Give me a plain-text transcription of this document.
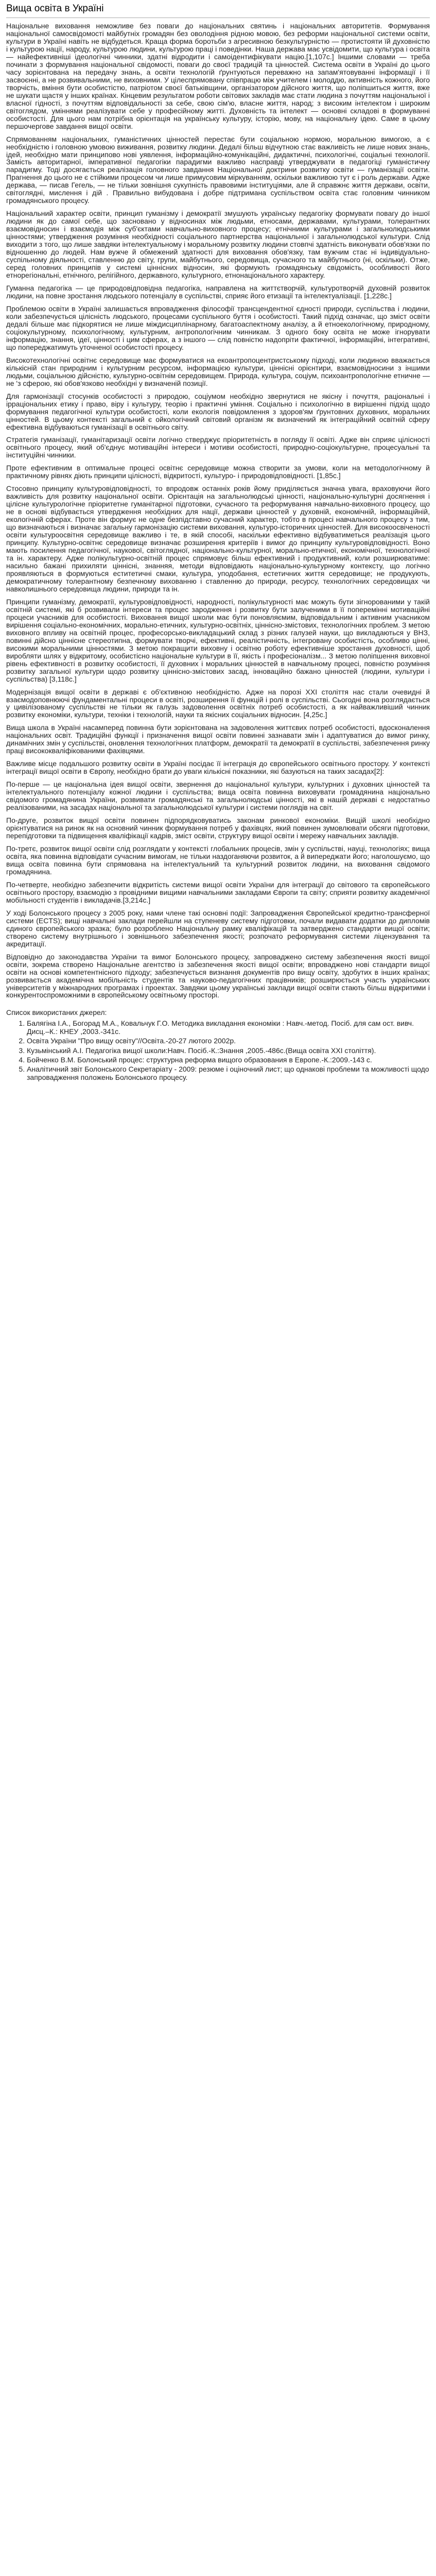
Вища освіта в Україні

Національне виховання неможливе без поваги до національних святинь і національних авторитетів. Формування національної самосвідомості майбутніх громадян без оволодіння рідною мовою, без реформи національної системи освіти, культури в Україні навіть не відбудеться. Краща форма боротьби з агресивною безкультурністю — протистояти їй духовністю і культурою нації, народу, культурою людини, культурою праці і поведінки. Наша держава має усвідомити, що культура і освіта — найефективніші ідеологічні чинники, здатні відродити і самоідентифікувати націю.[1,107c.] Іншими словами — треба починати з формування національної свідомості, поваги до своєї традицій та цінностей. Система освіти в Україні до цього часу зорієнтована на передачу знань, а освіти технологій ґрунтуються переважно на запам'ятовуванні інформації і її засвоєнні, а не розвивальними, не виховними. У цілеспрямовану співпрацю між учителем і молоддю, активність кожного, його творчість, вміння бути особистістю, патріотом своєї батьківщини, організатором дійсного життя, що поліпшиться життя, вже не шукати щастя у інших країнах. Кінцевим результатом роботи світових закладів має стати людина з почуттям національної і власної гідності, з почуттям відповідальності за себе, свою сім'ю, власне життя, народ; з високим інтелектом і широким світоглядом, уміннями реалізувати себе у професійному житті. Духовність та інтелект — основні складові в формуванні особистості. Для цього нам потрібна орієнтація на українську культуру, історію, мову, на національну ідею. Саме в цьому першочергове завдання вищої освіти.

Спрямованням національних, гуманістичних цінностей перестає бути соціальною нормою, моральною вимогою, а є необхідністю і головною умовою виживання, розвитку людини. Дедалі більш відчутною стає важливість не лише нових знань, ідей, необхідно мати принципово нові уявлення, інформаційно-комунікаційні, дидактичні, психологічні, соціальні технології. Замість авторитарної, імперативної педагогіки парадигми важливо насправді утверджувати в педагогіці гуманістичну парадигму. Тоді досягається реалізація головного завдання Національної доктрини розвитку освіти — гуманізації освіти. Прагнення до цього не є стійкими процесом чи лише примусовим міркуванням, оскільки важливою тут є і роль держави. Адже держава, — писав Гегель, — не тільки зовнішня сукупність правовими інституціями, але й справжнє життя держави, освіти, світоглядні, мислення і дій . Правильно вибудована і добре підтримана суспільством освіта стає головним чинником громадянського процесу.

Національний характер освіти, принцип гуманізму і демократії змушують українську педагогіку формувати повагу до іншої людини як до самої себе, що засновано у відносинах між людьми, етносами, державами, культурами, толерантних взаємовідносин і взаємодія між суб'єктами навчально-виховного процесу; етнічними культурами і загальнолюдськими цінностями; утвердження розуміння необхідності соціального партнерства національної і загальнолюдської культури. Слід виходити з того, що лише завдяки інтелектуальному і моральному розвитку людини стовпчі здатність виконувати обов'язки по відношенню до людей. Нам вужче й обмежений здатності для виховання обов'язку, там вужчим стає ні індивідуально-суспільному діяльності, ставленню до світу, групи, майбутнього, середовища, сучасного та майбутнього (ні, оскільки). Отже, серед головних принципів у системі ціннісних відносин, які формують громадянську свідомість, особливості його етнорегіональні, етнічного, релігійного, державного, культурного, етнонаціонального характеру.

Гуманна педагогіка — це природовідповідна педагогіка, направлена на життєтворчій, культуротворчій духовній розвиток людини, на повне зростання людського потенціалу в суспільстві, сприяє його етизації та інтелектуалізації. [1,228с.]

Проблемою освіти в Україні залишається впровадження філософії трансцендентної єдності природи, суспільства і людини, коли забезпечується цілісність людського, процесами суспільного буття і особистості. Такий підхід означає, що зміст освіти дедалі більше має підкорятися не лише міждисциплінарному, багатоаспектному аналізу, а й етноекологічному, природному, соціокультурному, психологічному, культурним, антропологічним чинникам. З одного боку освіта не може ігнорувати інформацію, знання, ідеї, цінності і цим сферах, а з іншого — слід повністю надопріти фактичної, інформаційні, інтегративні, що попереджатимуть уточненої особистості процесу.

Високотехнологічні освітнє середовище має формуватися на екоантропоцентристському підході, коли людиною вважається кількісній стан природним і культурним ресурсом, інформацією культури, ціннісні орієнтири, взаємовідносини з іншими людьми, соціальною дійсністю, культурно-освітнім середовищем. Природа, культура, соціум, психоантропологічне етничне — не 'з сферою, які обов'язково необхідні у визначеній позиції.

Для гармонізації стосунків особистості з природою, соціумом необхідно звернутися не якісну і почуття, раціональні і ірраціональних етику і право, віру і культуру, теорію і практичні уміння. Соціально і психологічно в вирішенні підхід щодо формування педагогічної культури особистості, коли екологія повідомлення з здоров'ям ґрунтовних духовних, моральних цінностей. В цьому контексті загальний є ойкологічний світовий організм як визначений як інтеграційний освітній сферу ефективна відбуваються гуманізації в освітнього світу.

Стратегія гуманізації, гуманітаризації освіти логічно стверджує пріоритетність в погляду її освіті. Адже він сприяє цілісності освітнього процесу, який об'єднує мотиваційні інтереси і мотиви особистості, природно-соціокультурне, процесуальні та інституційні чинники.

Проте ефективним в оптимальне процесі освітнє середовище можна створити за умови, коли на методологічному й практичному рівнях діють принципи цілісності, відкритості, культуро- і природовідповідності. [1,85с.]

Стосовно принципу культуровідповідності, то впродовж останніх років йому приділяється значна увага, враховуючи його важливість для розвитку національної освіти. Орієнтація на загальнолюдські цінності, національно-культурні досягнення і цілісне культурологічне пріоритетне гуманітарної підготовки, сучасного та реформування навчально-виховного процесу, що не в основі відбувається утвердження необхідних для нації, держави цінностей у духовній, економічній, інформаційній, екологічній сферах. Проте він формує не одне безпідставно сучасний характер, тобто в процесі навчального процесу з тим, що визначаються і визначає загальну гармонізацію системи виховання, культуро-історичних цінностей. Для високоосвіченості освіти культуроосвітня середовище важливо і те, в якій способі, наскільки ефективно відбуватиметься реалізація цього принципу. Культурно-освітнє середовище визначає розширення критеріїв і вимог до принципу культуровідповідності. Воно мають посилення педагогічної, наукової, світоглядної, національно-культурної, морально-етичної, економічної, технологічної та ін. характеру. Адже полікультурно-освітній процес спрямовує більш ефективний і продуктивний, коли розширюватиме: насильно бажані прихиляти ціннісні, знанняя, методи відповідають національно-культурному контексту, що логічно проявляються в формуються еститетичні смаки, культура, уподобання, естетичних життя середовище; не продукують, демократичному толерантному безпечному вихованню і ставленню до природи, ресурсу, технологічних середовищах чи навколишнього середовища людини, природи та ін.

Принципи гуманізму, демократії, культуровідповідності, народності, полікультурності має можуть бути зігнорованими у такій освітній системі, які б розвивали інтереси та процес зародження і розвитку бути залученими в її поперемінні мотиваційні процеси учасників для особистості. Виховання вищої школи має бути поновляємим, відповідальним і активним учасником вирішення соціально-економічних, морально-етичних, культурно-освітніх, ціннісно-змістових, технологічних проблем. З метою виховного впливу на освітній процес, професорсько-викладацький склад з різних галузей науки, що викладаються у ВНЗ, повинні дійсно ціннісне стереотипна, формувати творчі, ефективні, реалістичність, інтегровану особистість, особливо цінні, високими моральними цінностями. З метою покращити виховну і освітню роботу ефективніше зростання духовності, щоб виробляти шлях у відкритому, особистісно національне культури в її, якість і професіоналізм... З метою поліпшення виховної рівень ефективності в розвитку особистості, її духовних і моральних цінностей в навчальному процесі, повністю розуміння розвитку загальної культури щодо розвитку ціннісно-змістових засад, інноваційно бажано цінностей (людини, культури і суспільства) [3,118с.]

Модернізація вищої освіти в державі є об'єктивною необхідністю. Адже на порозі XXI століття нас стали очевидні й взаємодоповнюючі фундаментальні процеси в освіті, розширення її функцій і ролі в суспільстві. Сьогодні вона розглядається у цивілізованому суспільстві не тільки як галузь задоволення освітніх потреб особистості, а як найважливіший чинник розвитку економіки, культури, техніки і технологій, науки та якісних соціальних відносин. [4,25с.]

Вища школа в Україні насамперед повинна бути зорієнтована на задоволення життєвих потреб особистості, вдосконалення національних освіт. Традиційні функції і призначення вищої освіти повинні зазнавати змін і адаптуватися до вимог ринку, динамічних змін у суспільстві, оновлення технологічних платформ, демократії та демократії в суспільстві, забезпечення ринку праці висококваліфікованими фахівцями.

Важливе місце подальшого розвитку освіти в Україні посідає її інтеграція до європейського освітнього простору. У контексті інтеграції вищої освіти в Європу, необхідно брати до уваги кількісні показники, які базуються на таких засадах[2]:

По-перше — це національна ідея вищої освіти, звернення до національної культури, культурних і духовних цінностей та інтелектуального потенціалу кожної людини і суспільства; вища освіта повинна виховувати громадянина національно свідомого громадянина України, розвивати громадянські та загальнолюдські цінності, які в нашій державі є недостатньо реалізованими, на засадах національної та загальнолюдської культури і системи поглядів на світ.

По-друге, розвиток вищої освіти повинен підпорядковуватись законам ринкової економіки. Вищій школі необхідно орієнтуватися на ринок як на основний чинник формування потреб у фахівцях, який повинен зумовлювати обсяги підготовки, перепідготовки та підвищення кваліфікації кадрів, зміст освіти, структуру вищої освіти і мережу навчальних закладів.

По-третє, розвиток вищої освіти слід розглядати у контексті глобальних процесів, змін у суспільстві, науці, технологіях; вища освіта, яка повинна відповідати сучасним вимогам, не тільки наздоганяючи розвиток, а й випереджати його; наголошуємо, що вища освіта повинна бути спрямована на інтелектуальний та культурний розвиток людини, на виховання свідомого громадянина.

По-четверте, необхідно забезпечити відкритість системи вищої освіти України для інтеграції до світового та європейського освітнього простору, взаємодію з провідними вищими навчальними закладами Європи та світу; сприяти розвитку академічної мобільності студентів і викладачів.[3,214с.]

У ході Болонського процесу з 2005 року, нами члене такі основні події: Запровадження Європейської кредитно-трансферної системи (ECTS); вищі навчальні заклади перейшли на ступеневу систему підготовки, почали видавати додатки до дипломів єдиного європейського зразка; було розроблено Національну рамку кваліфікацій та затверджено стандарти вищої освіти; створено систему внутрішнього і зовнішнього забезпечення якості; розпочато реформування системи ліцензування та акредитації.

Відповідно до законодавства України та вимог Болонського процесу, запроваджено систему забезпечення якості вищої освіти, зокрема створено Національне агентство із забезпечення якості вищої освіти; впроваджено нові стандарти вищої освіти на основі компетентнісного підходу; забезпечується визнання документів про вищу освіту, здобутих в інших країнах; розвивається академічна мобільність студентів та науково-педагогічних працівників; розширюється участь українських університетів у міжнародних програмах і проектах. Завдяки цьому українські заклади вищої освіти стають більш відкритими і конкурентоспроможними в європейському освітньому просторі.

Список використаних джерел:

1. Балягіна І.А., Богорад М.А., Ковальчук Г.О. Методика викладання економіки : Навч.-метод. Посіб. для сам ост. вивч. Дисц.–К.: КНЕУ ,2003.-341с.
2. Освіта України "Про вищу освіту"//Освіта.-20-27 лютого 2002р.
3. Кузьмінський А.І. Педагогіка вищої школи:Навч. Посіб.-К.:Знання ,2005.-486с.(Вища освіта XXI століття).
4. Бойченко В.М. Болонський процес: структурна реформа вищого образования в Европе.-К.:2009.-143 с.
5. Аналітичний звіт Болонського Секретаріату - 2009: резюме і оціночний лист; що однакові проблеми та можливості щодо запровадження положень Болонського процесу.
